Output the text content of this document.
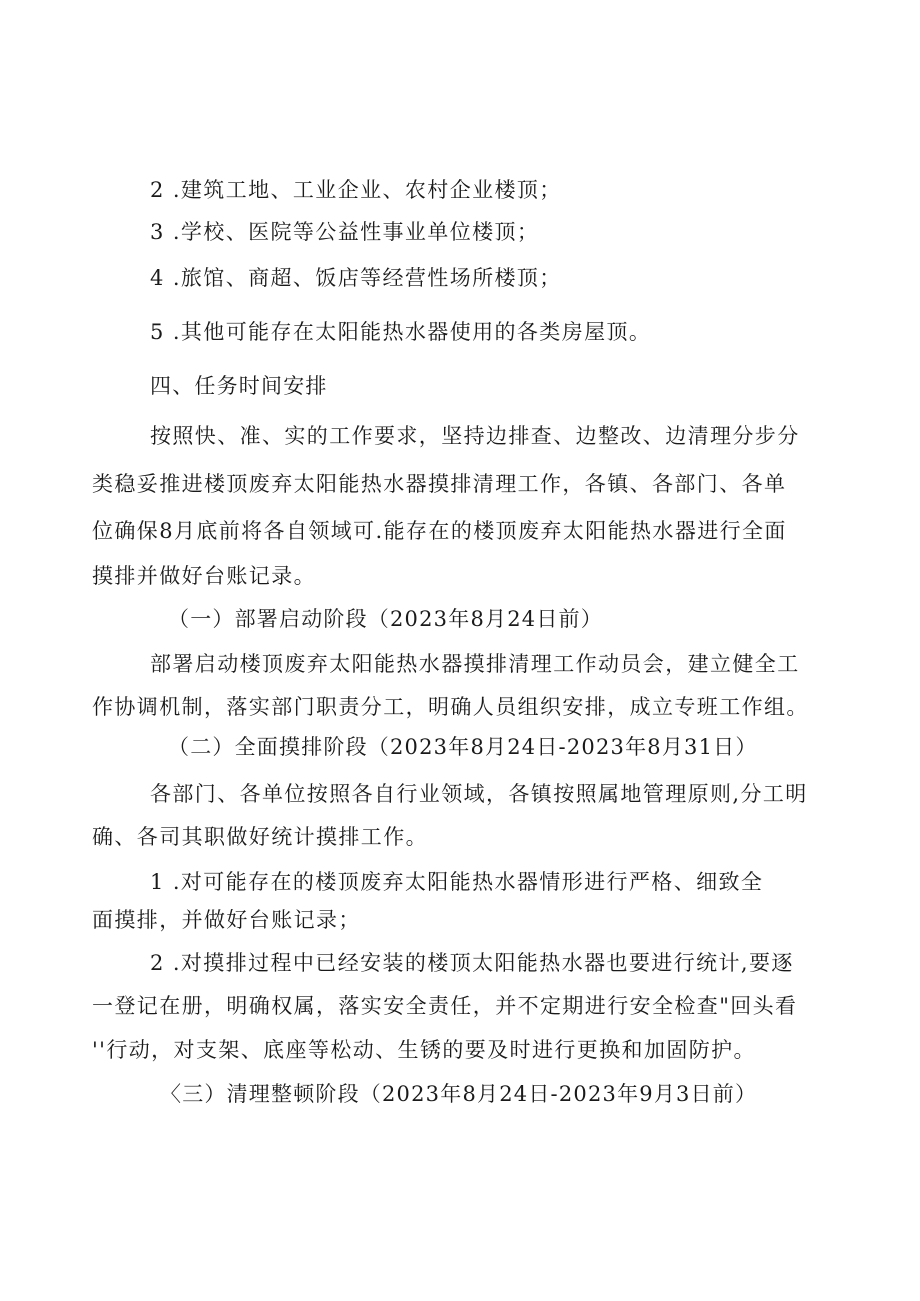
2 .建筑工地、工业企业、农村企业楼顶；
3 .学校、医院等公益性事业单位楼顶；
4 .旅馆、商超、饭店等经营性场所楼顶；
5 .其他可能存在太阳能热水器使用的各类房屋顶。
四、任务时间安排
按照快、准、实的工作要求，坚持边排查、边整改、边清理分步分
类稳妥推进楼顶废弃太阳能热水器摸排清理工作，各镇、各部门、各单
位确保8月底前将各自领域可.能存在的楼顶废弃太阳能热水器进行全面
摸排并做好台账记录。
（一）部署启动阶段（2023年8月24日前）
部署启动楼顶废弃太阳能热水器摸排清理工作动员会，建立健全工
作协调机制，落实部门职责分工，明确人员组织安排，成立专班工作组。
（二）全面摸排阶段（2023年8月24日-2023年8月31日）
各部门、各单位按照各自行业领域，各镇按照属地管理原则,分工明
确、各司其职做好统计摸排工作。
1 .对可能存在的楼顶废弃太阳能热水器情形进行严格、细致全
面摸排，并做好台账记录；
2 .对摸排过程中已经安装的楼顶太阳能热水器也要进行统计,要逐
一登记在册，明确权属，落实安全责任，并不定期进行安全检查"回头看
''行动，对支架、底座等松动、生锈的要及时进行更换和加固防护。
〈三）清理整顿阶段（2023年8月24日-2023年9月3日前）
